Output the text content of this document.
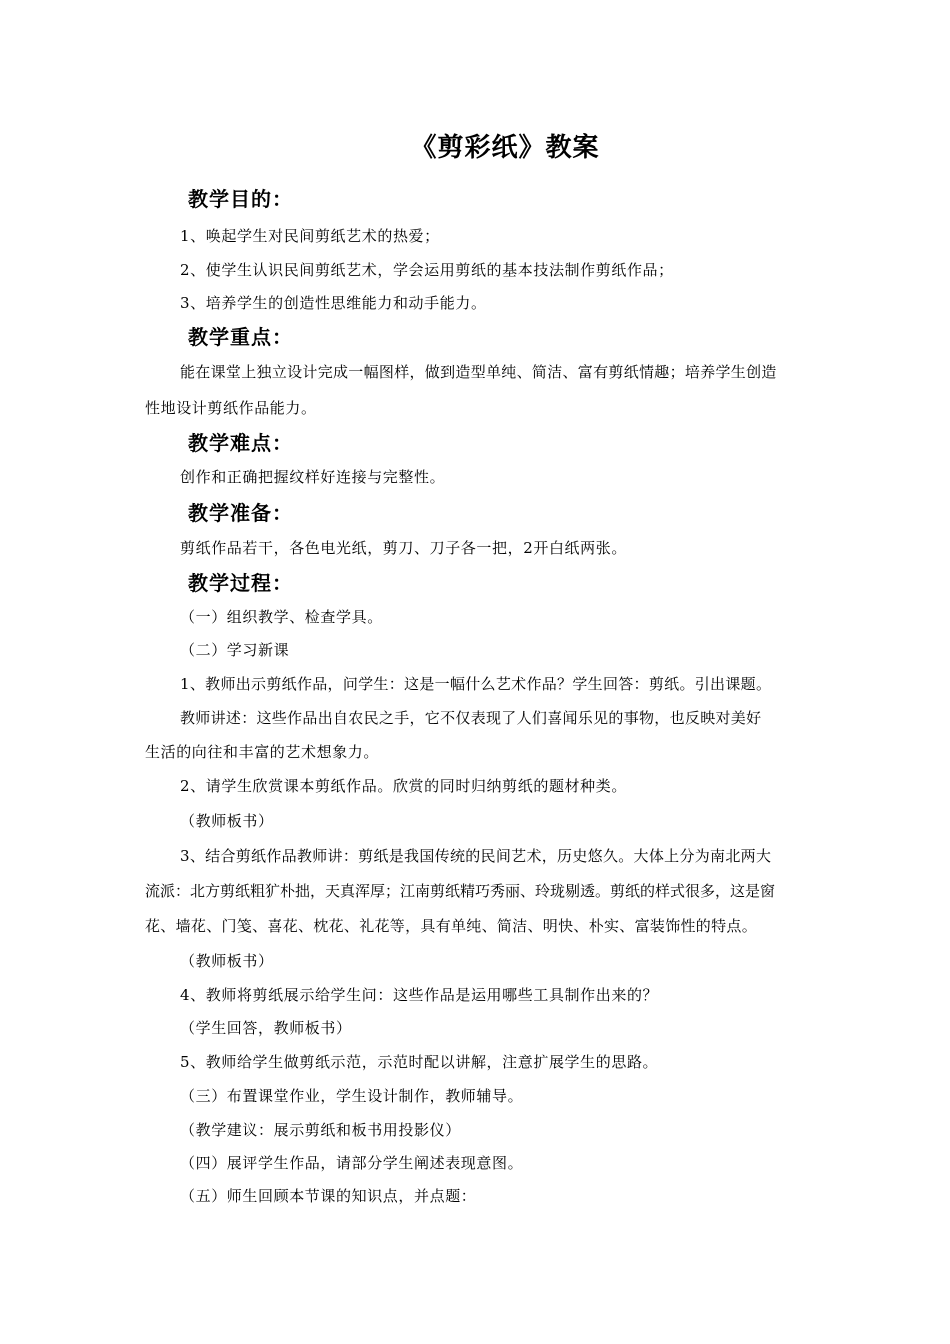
《剪彩纸》教案
教学目的：
1、唤起学生对民间剪纸艺术的热爱；
2、使学生认识民间剪纸艺术，学会运用剪纸的基本技法制作剪纸作品；
3、培养学生的创造性思维能力和动手能力。
教学重点：
能在课堂上独立设计完成一幅图样，做到造型单纯、简洁、富有剪纸情趣；培养学生创造
性地设计剪纸作品能力。
教学难点：
创作和正确把握纹样好连接与完整性。
教学准备：
剪纸作品若干，各色电光纸，剪刀、刀子各一把，2开白纸两张。
教学过程：
（一）组织教学、检查学具。
（二）学习新课
1、教师出示剪纸作品，问学生：这是一幅什么艺术作品？学生回答：剪纸。引出课题。
教师讲述：这些作品出自农民之手，它不仅表现了人们喜闻乐见的事物，也反映对美好
生活的向往和丰富的艺术想象力。
2、请学生欣赏课本剪纸作品。欣赏的同时归纳剪纸的题材种类。
（教师板书）
3、结合剪纸作品教师讲：剪纸是我国传统的民间艺术，历史悠久。大体上分为南北两大
流派：北方剪纸粗犷朴拙，天真浑厚；江南剪纸精巧秀丽、玲珑剔透。剪纸的样式很多，这是窗
花、墙花、门笺、喜花、枕花、礼花等，具有单纯、简洁、明快、朴实、富装饰性的特点。
（教师板书）
4、教师将剪纸展示给学生问：这些作品是运用哪些工具制作出来的？
（学生回答，教师板书）
5、教师给学生做剪纸示范，示范时配以讲解，注意扩展学生的思路。
（三）布置课堂作业，学生设计制作，教师辅导。
（教学建议：展示剪纸和板书用投影仪）
（四）展评学生作品，请部分学生阐述表现意图。
（五）师生回顾本节课的知识点，并点题：
